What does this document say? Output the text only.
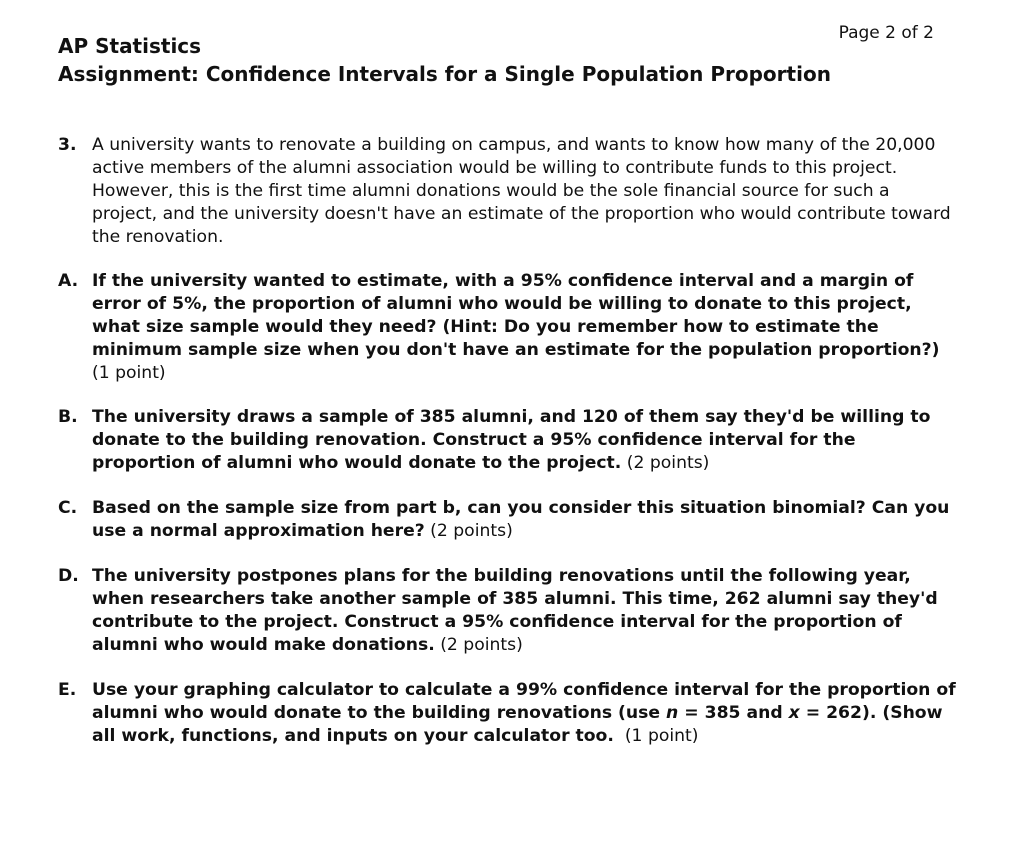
Page 2 of 2
AP Statistics
Assignment: Confidence Intervals for a Single Population Proportion
3. A university wants to renovate a building on campus, and wants to know how many of the 20,000 active members of the alumni association would be willing to contribute funds to this project. However, this is the first time alumni donations would be the sole financial source for such a project, and the university doesn't have an estimate of the proportion who would contribute toward the renovation.
A. If the university wanted to estimate, with a 95% confidence interval and a margin of error of 5%, the proportion of alumni who would be willing to donate to this project, what size sample would they need? (Hint: Do you remember how to estimate the minimum sample size when you don't have an estimate for the population proportion?) (1 point)
B. The university draws a sample of 385 alumni, and 120 of them say they'd be willing to donate to the building renovation. Construct a 95% confidence interval for the proportion of alumni who would donate to the project. (2 points)
C. Based on the sample size from part b, can you consider this situation binomial? Can you use a normal approximation here? (2 points)
D. The university postpones plans for the building renovations until the following year, when researchers take another sample of 385 alumni. This time, 262 alumni say they'd contribute to the project. Construct a 95% confidence interval for the proportion of alumni who would make donations. (2 points)
E. Use your graphing calculator to calculate a 99% confidence interval for the proportion of alumni who would donate to the building renovations (use n = 385 and x = 262). (Show all work, functions, and inputs on your calculator too. (1 point)
